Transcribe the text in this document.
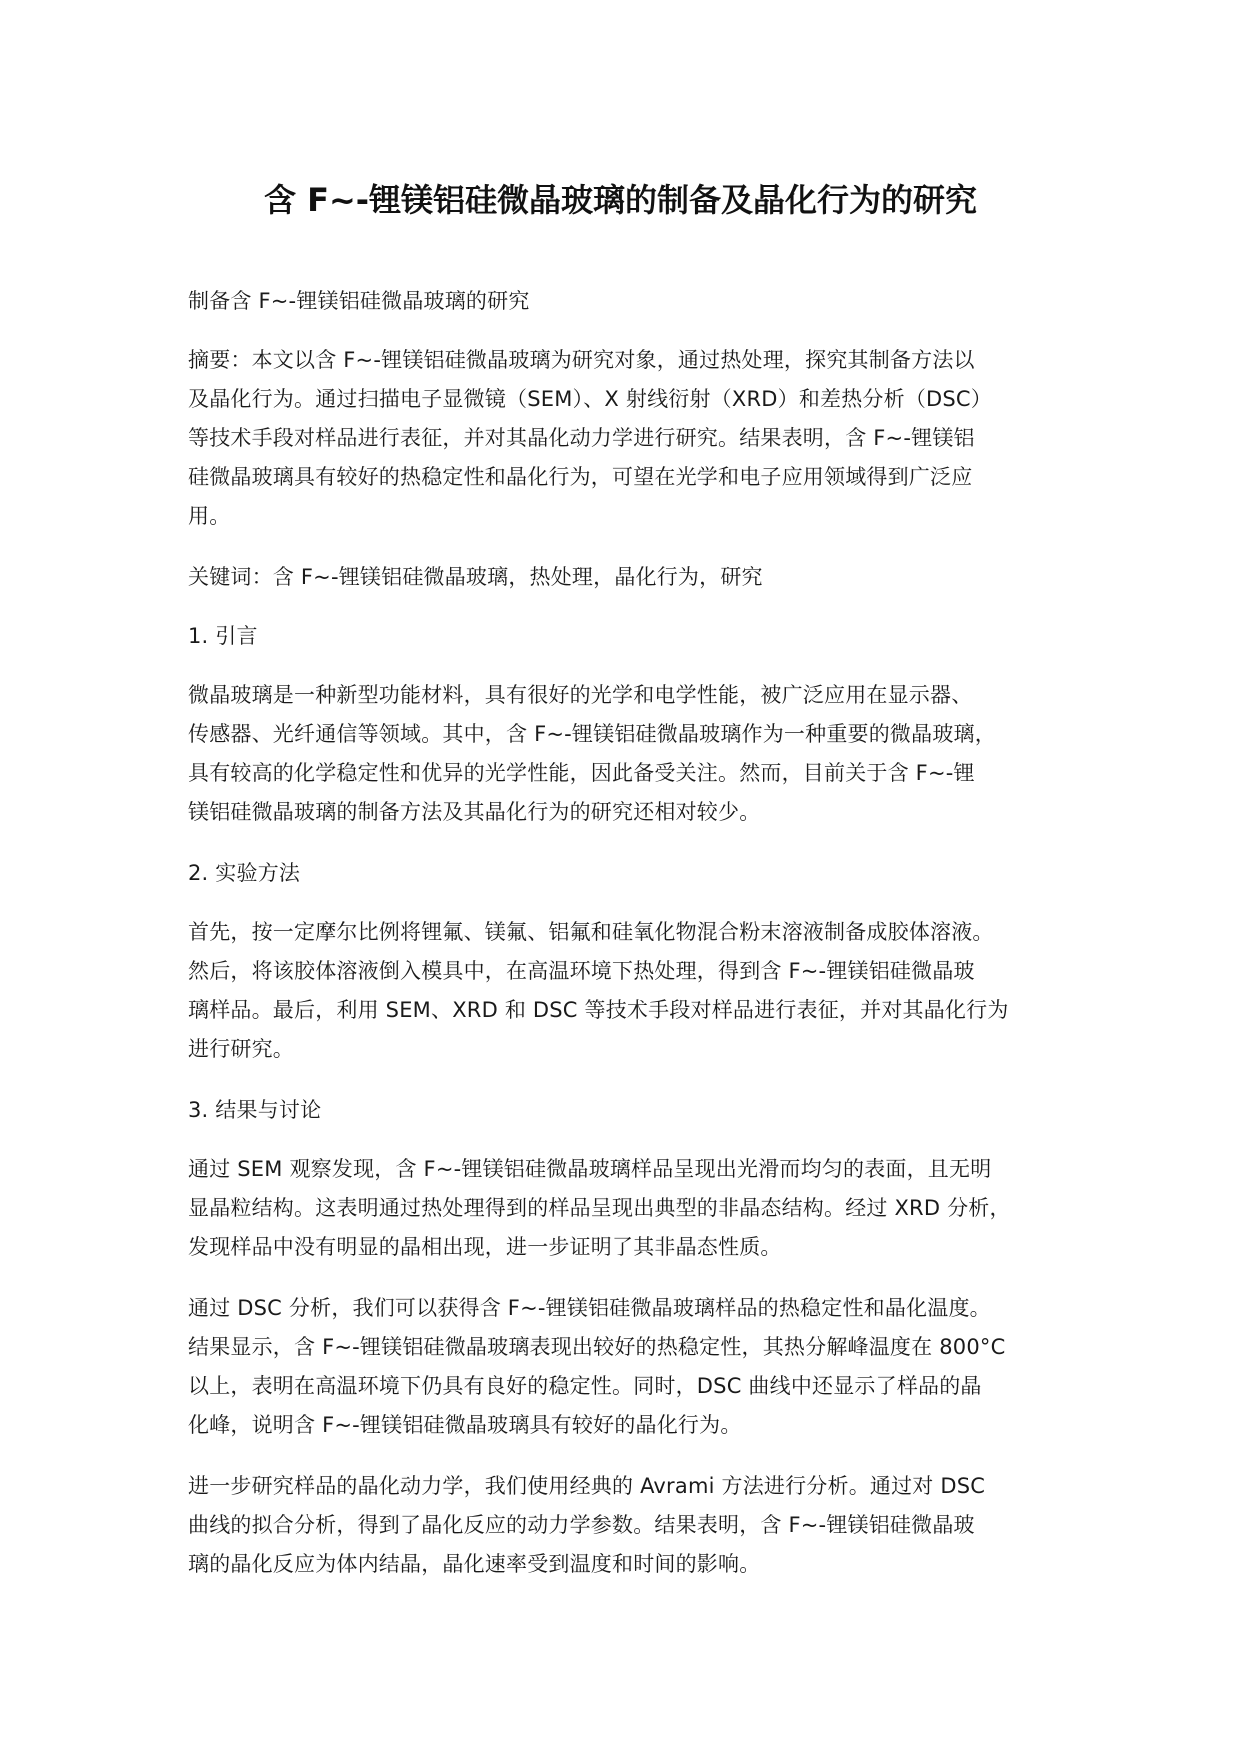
含 F~-锂镁铝硅微晶玻璃的制备及晶化行为的研究

制备含 F~-锂镁铝硅微晶玻璃的研究

摘要：本文以含 F~-锂镁铝硅微晶玻璃为研究对象，通过热处理，探究其制备方法以
及晶化行为。通过扫描电子显微镜（SEM）、X 射线衍射（XRD）和差热分析（DSC）
等技术手段对样品进行表征，并对其晶化动力学进行研究。结果表明，含 F~-锂镁铝
硅微晶玻璃具有较好的热稳定性和晶化行为，可望在光学和电子应用领域得到广泛应
用。

关键词：含 F~-锂镁铝硅微晶玻璃，热处理，晶化行为，研究

1. 引言

微晶玻璃是一种新型功能材料，具有很好的光学和电学性能，被广泛应用在显示器、
传感器、光纤通信等领域。其中，含 F~-锂镁铝硅微晶玻璃作为一种重要的微晶玻璃，
具有较高的化学稳定性和优异的光学性能，因此备受关注。然而，目前关于含 F~-锂
镁铝硅微晶玻璃的制备方法及其晶化行为的研究还相对较少。

2. 实验方法

首先，按一定摩尔比例将锂氟、镁氟、铝氟和硅氧化物混合粉末溶液制备成胶体溶液。
然后，将该胶体溶液倒入模具中，在高温环境下热处理，得到含 F~-锂镁铝硅微晶玻
璃样品。最后，利用 SEM、XRD 和 DSC 等技术手段对样品进行表征，并对其晶化行为
进行研究。

3. 结果与讨论

通过 SEM 观察发现，含 F~-锂镁铝硅微晶玻璃样品呈现出光滑而均匀的表面，且无明
显晶粒结构。这表明通过热处理得到的样品呈现出典型的非晶态结构。经过 XRD 分析，
发现样品中没有明显的晶相出现，进一步证明了其非晶态性质。

通过 DSC 分析，我们可以获得含 F~-锂镁铝硅微晶玻璃样品的热稳定性和晶化温度。
结果显示，含 F~-锂镁铝硅微晶玻璃表现出较好的热稳定性，其热分解峰温度在 800°C
以上，表明在高温环境下仍具有良好的稳定性。同时，DSC 曲线中还显示了样品的晶
化峰，说明含 F~-锂镁铝硅微晶玻璃具有较好的晶化行为。

进一步研究样品的晶化动力学，我们使用经典的 Avrami 方法进行分析。通过对 DSC
曲线的拟合分析，得到了晶化反应的动力学参数。结果表明，含 F~-锂镁铝硅微晶玻
璃的晶化反应为体内结晶，晶化速率受到温度和时间的影响。
